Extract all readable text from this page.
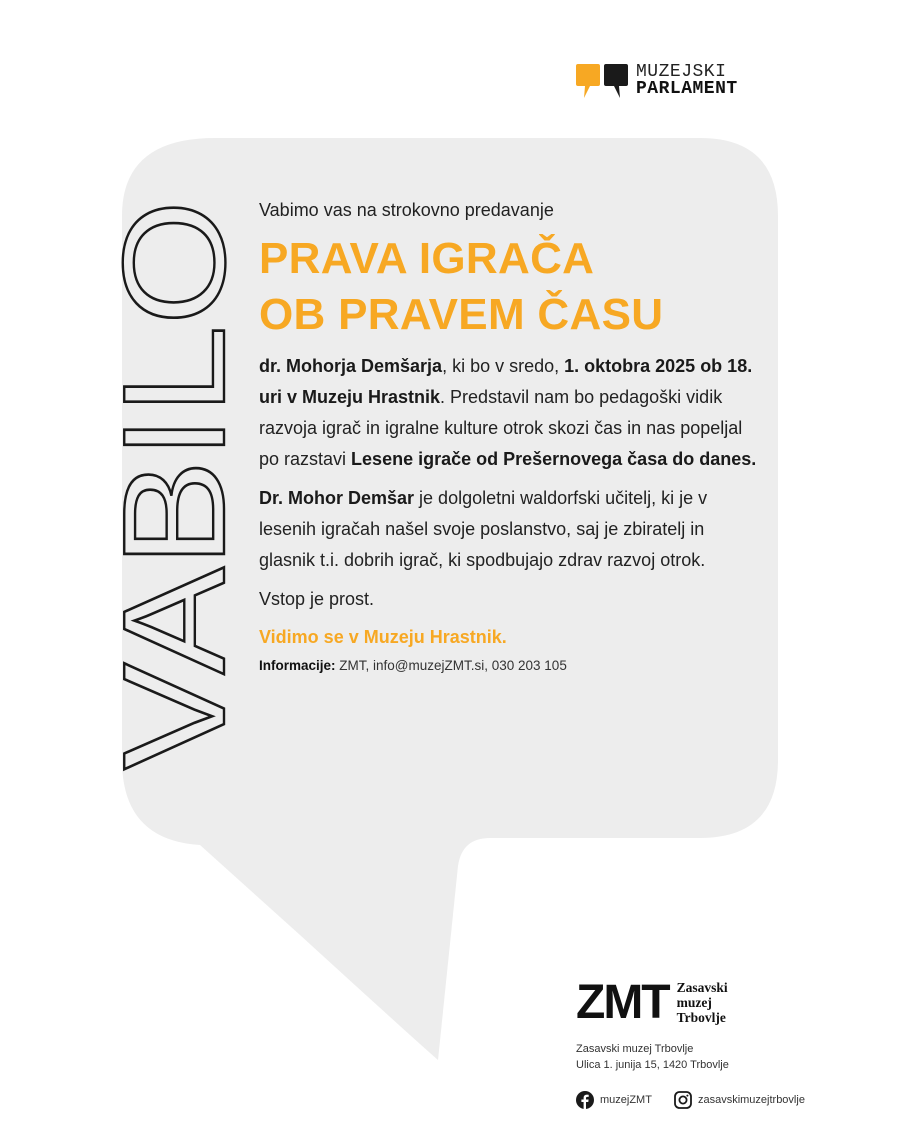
MUZEJSKI
PARLAMENT
VABILO

Vabimo vas na strokovno predavanje

PRAVA IGRAČA
OB PRAVEM ČASU

dr. Mohorja Demšarja, ki bo v sredo, 1. oktobra 2025 ob 18. uri v Muzeju Hrastnik. Predstavil nam bo pedagoški vidik razvoja igrač in igralne kulture otrok skozi čas in nas popeljal po razstavi Lesene igrače od Prešernovega časa do danes.

Dr. Mohor Demšar je dolgoletni waldorfski učitelj, ki je v lesenih igračah našel svoje poslanstvo, saj je zbiratelj in glasnik t.i. dobrih igrač, ki spodbujajo zdrav razvoj otrok.

Vstop je prost.

Vidimo se v Muzeju Hrastnik.
Informacije: ZMT, info@muzejZMT.si, 030 203 105
ZMT Zasavski
muzej
Trbovlje
Zasavski muzej Trbovlje
Ulica 1. junija 15, 1420 Trbovlje
muzejZMT	zasavskimuzejtrbovlje
